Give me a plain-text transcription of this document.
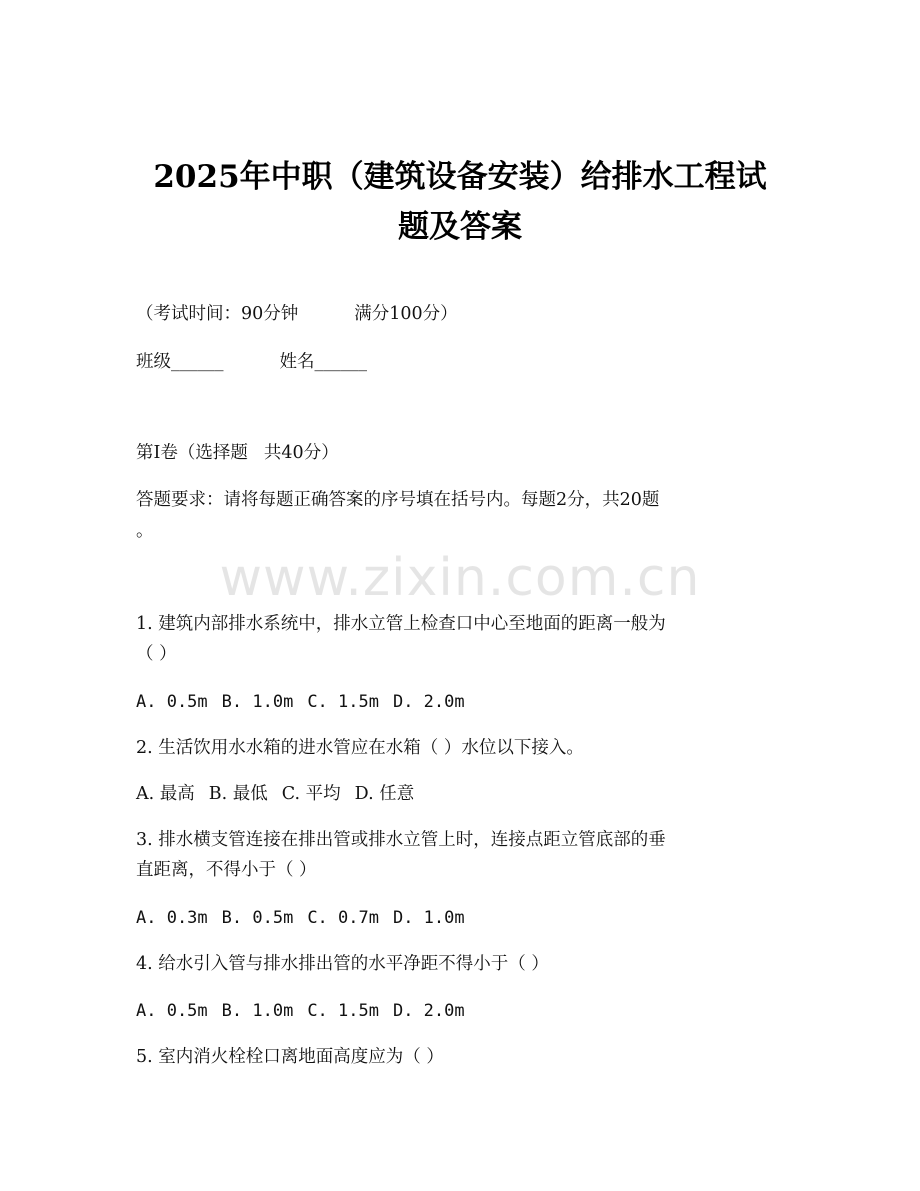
2025年中职（建筑设备安装）给排水工程试
题及答案
（考试时间：90分钟	满分100分）
班级______	姓名______
第I卷（选择题 共40分）
答题要求：请将每题正确答案的序号填在括号内。每题2分，共20题
。
www.zixin.com.cn
1. 建筑内部排水系统中，排水立管上检查口中心至地面的距离一般为
（ ）
A. 0.5m B. 1.0m C. 1.5m D. 2.0m
2. 生活饮用水水箱的进水管应在水箱（ ）水位以下接入。
A. 最高 B. 最低 C. 平均 D. 任意
3. 排水横支管连接在排出管或排水立管上时，连接点距立管底部的垂
直距离，不得小于（ ）
A. 0.3m B. 0.5m C. 0.7m D. 1.0m
4. 给水引入管与排水排出管的水平净距不得小于（ ）
A. 0.5m B. 1.0m C. 1.5m D. 2.0m
5. 室内消火栓栓口离地面高度应为（ ）
